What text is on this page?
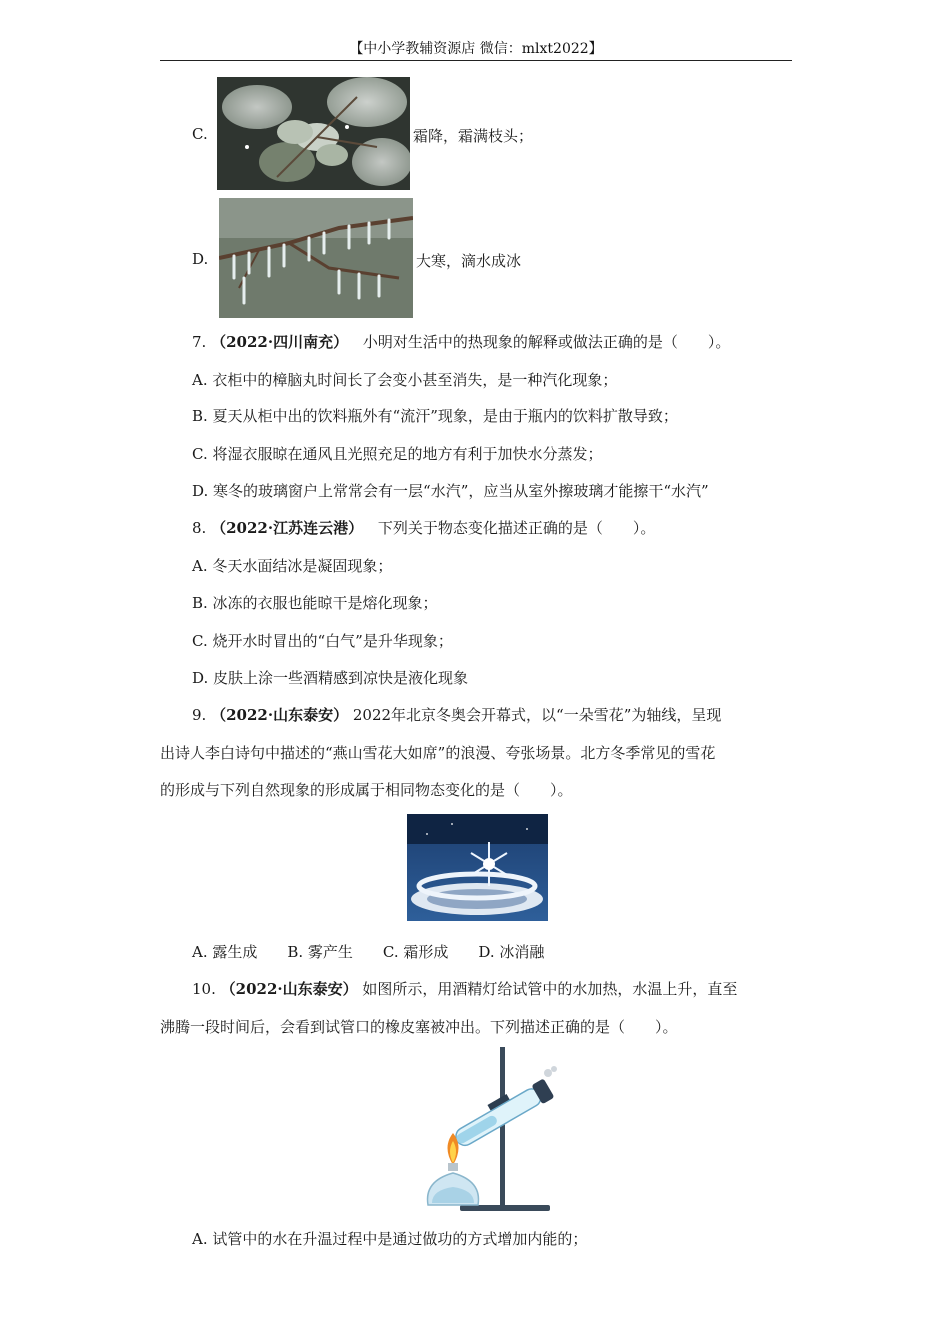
【中小学教辅资源店 微信：mlxt2022】
C.	霜降，霜满枝头；
D.	大寒，滴水成冰
7. （2022·四川南充） 小明对生活中的热现象的解释或做法正确的是（　　）。
A. 衣柜中的樟脑丸时间长了会变小甚至消失，是一种汽化现象；
B. 夏天从柜中出的饮料瓶外有“流汗”现象，是由于瓶内的饮料扩散导致；
C. 将湿衣服晾在通风且光照充足的地方有利于加快水分蒸发；
D. 寒冬的玻璃窗户上常常会有一层“水汽”，应当从室外擦玻璃才能擦干“水汽”
8. （2022·江苏连云港） 下列关于物态变化描述正确的是（　　）。
A. 冬天水面结冰是凝固现象；
B. 冰冻的衣服也能晾干是熔化现象；
C. 烧开水时冒出的“白气”是升华现象；
D. 皮肤上涂一些酒精感到凉快是液化现象
9. （2022·山东泰安） 2022年北京冬奥会开幕式，以“一朵雪花”为轴线，呈现
出诗人李白诗句中描述的“燕山雪花大如席”的浪漫、夸张场景。北方冬季常见的雪花
的形成与下列自然现象的形成属于相同物态变化的是（　　）。
A. 露生成　　B. 雾产生　　C. 霜形成　　D. 冰消融
10. （2022·山东泰安） 如图所示，用酒精灯给试管中的水加热，水温上升，直至
沸腾一段时间后，会看到试管口的橡皮塞被冲出。下列描述正确的是（　　）。
A. 试管中的水在升温过程中是通过做功的方式增加内能的；
